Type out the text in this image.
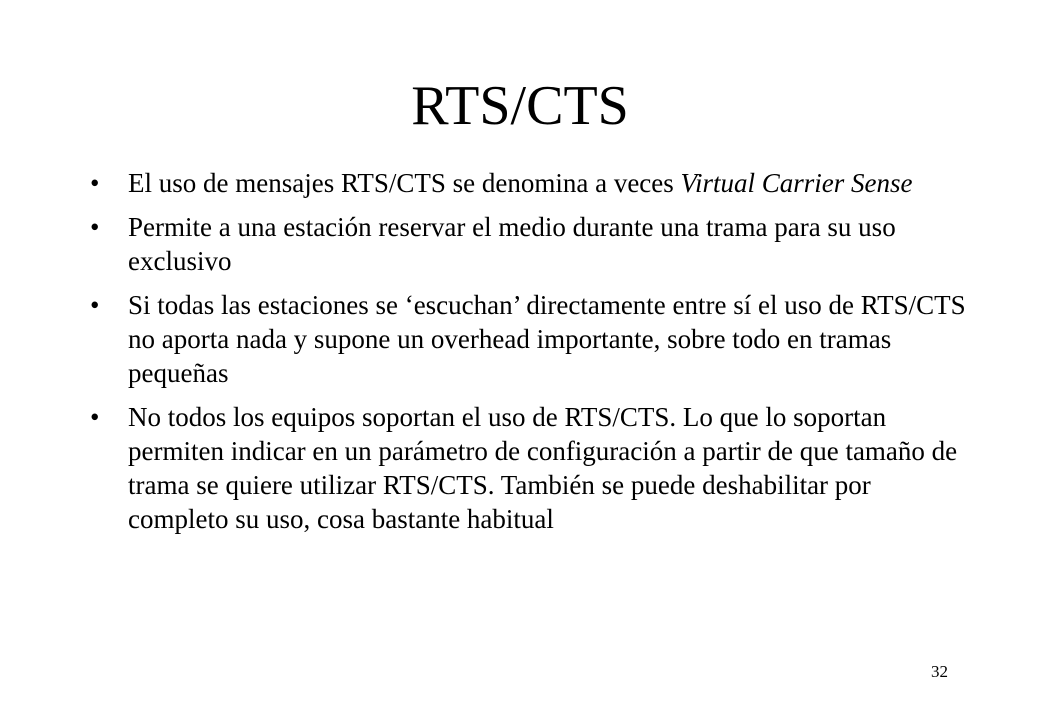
RTS/CTS
•	El uso de mensajes RTS/CTS se denomina a veces Virtual Carrier Sense
•	Permite a una estación reservar el medio durante una trama para su uso exclusivo
•	Si todas las estaciones se ‘escuchan’ directamente entre sí el uso de RTS/CTS no aporta nada y supone un overhead importante, sobre todo en tramas pequeñas
•	No todos los equipos soportan el uso de RTS/CTS. Lo que lo soportan permiten indicar en un parámetro de configuración a partir de que tamaño de trama se quiere utilizar RTS/CTS. También se puede deshabilitar por completo su uso, cosa bastante habitual
32
